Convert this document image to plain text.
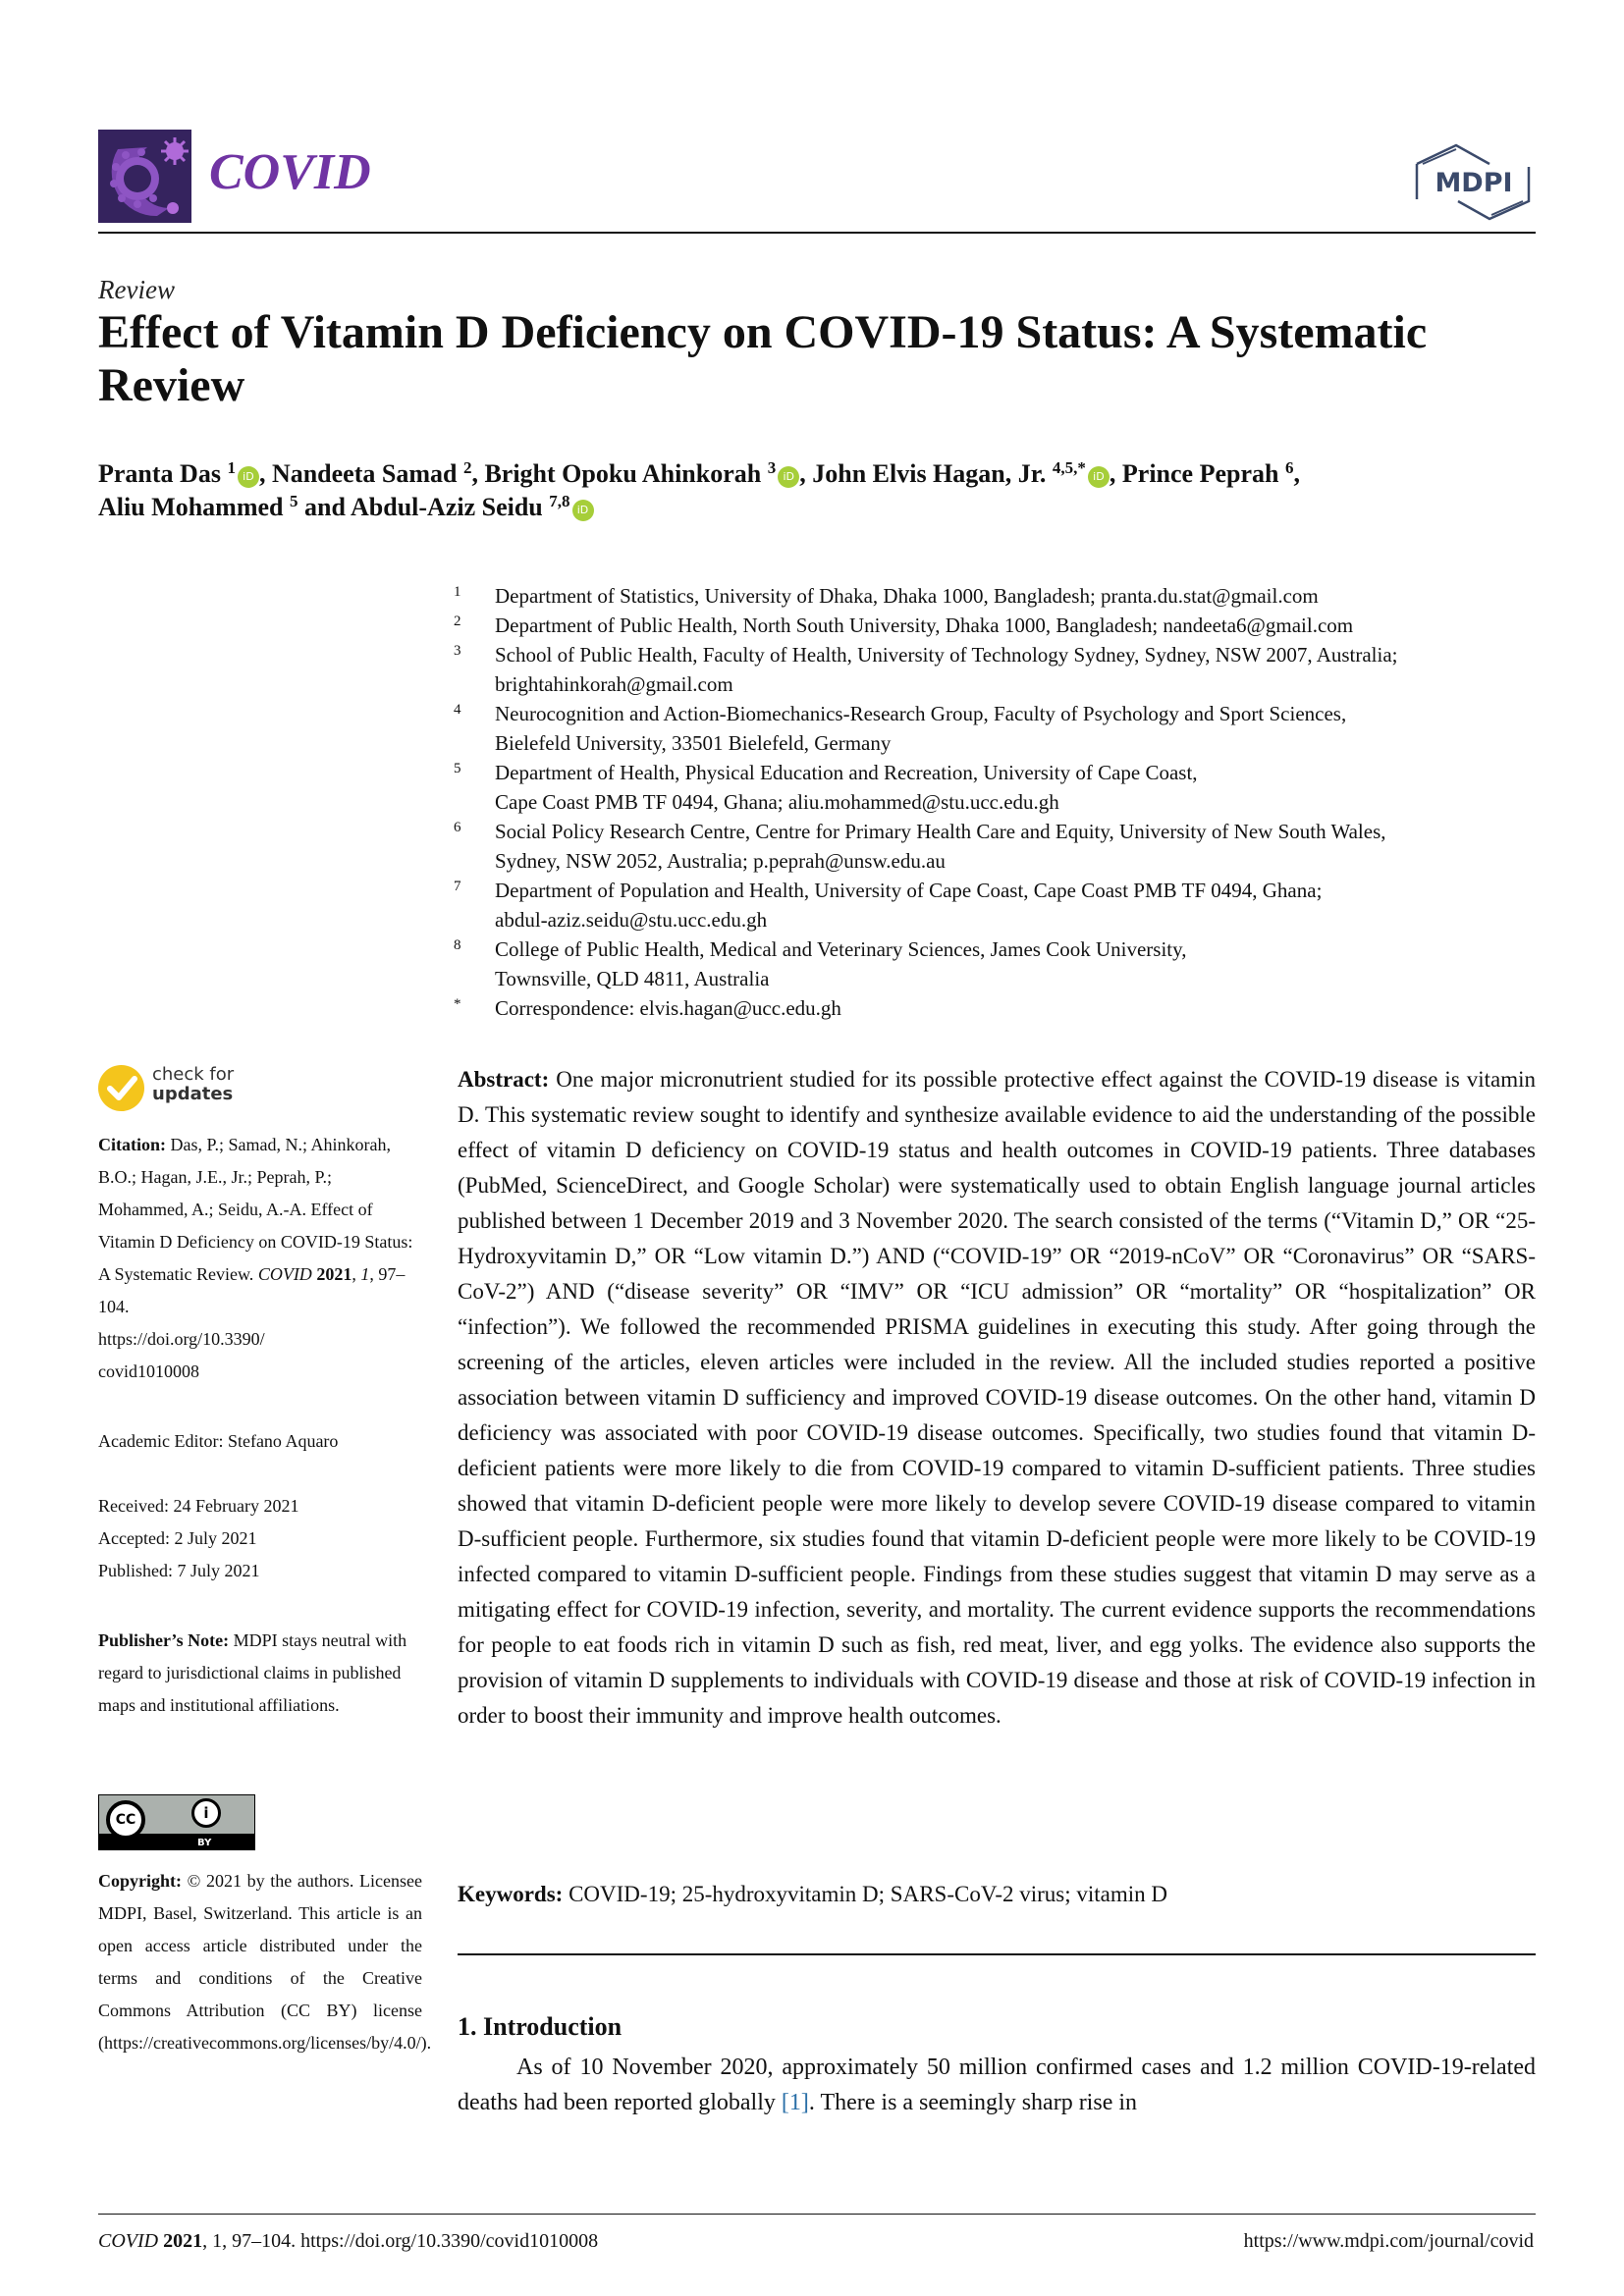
COVID	MDPI
Review
Effect of Vitamin D Deficiency on COVID-19 Status: A Systematic Review
Pranta Das $^1$ iD , Nandeeta Samad $^2$, Bright Opoku Ahinkorah $^3$ iD , John Elvis Hagan, Jr. $^{4,5,*}$ iD , Prince Peprah $^6$,
Aliu Mohammed $^5$ and Abdul-Aziz Seidu $^{7,8}$ iD
1 Department of Statistics, University of Dhaka, Dhaka 1000, Bangladesh; pranta.du.stat@gmail.com
2 Department of Public Health, North South University, Dhaka 1000, Bangladesh; nandeeta6@gmail.com
3 School of Public Health, Faculty of Health, University of Technology Sydney, Sydney, NSW 2007, Australia;
brightahinkorah@gmail.com
4 Neurocognition and Action-Biomechanics-Research Group, Faculty of Psychology and Sport Sciences,
Bielefeld University, 33501 Bielefeld, Germany
5 Department of Health, Physical Education and Recreation, University of Cape Coast,
Cape Coast PMB TF 0494, Ghana; aliu.mohammed@stu.ucc.edu.gh
6 Social Policy Research Centre, Centre for Primary Health Care and Equity, University of New South Wales,
Sydney, NSW 2052, Australia; p.peprah@unsw.edu.au
7 Department of Population and Health, University of Cape Coast, Cape Coast PMB TF 0494, Ghana;
abdul-aziz.seidu@stu.ucc.edu.gh
8 College of Public Health, Medical and Veterinary Sciences, James Cook University,
Townsville, QLD 4811, Australia
* Correspondence: elvis.hagan@ucc.edu.gh
check for
updates
Citation: Das, P.; Samad, N.; Ahinkorah, B.O.; Hagan, J.E., Jr.; Peprah, P.; Mohammed, A.; Seidu, A.-A. Effect of Vitamin D Deficiency on COVID-19 Status: A Systematic Review. COVID 2021, 1, 97–104.
https://doi.org/10.3390/
covid1010008
Academic Editor: Stefano Aquaro
Received: 24 February 2021
Accepted: 2 July 2021
Published: 7 July 2021
Publisher’s Note: MDPI stays neutral with regard to jurisdictional claims in published maps and institutional affiliations.
CC	i
BY
Copyright: © 2021 by the authors. Licensee MDPI, Basel, Switzerland. This article is an open access article distributed under the terms and conditions of the Creative Commons Attribution (CC BY) license (https://creativecommons.org/licenses/by/4.0/).
Abstract: One major micronutrient studied for its possible protective effect against the COVID-19 disease is vitamin D. This systematic review sought to identify and synthesize available evidence to aid the understanding of the possible effect of vitamin D deficiency on COVID-19 status and health outcomes in COVID-19 patients. Three databases (PubMed, ScienceDirect, and Google Scholar) were systematically used to obtain English language journal articles published between 1 December 2019 and 3 November 2020. The search consisted of the terms (“Vitamin D,” OR “25-Hydroxyvitamin D,” OR “Low vitamin D.”) AND (“COVID-19” OR “2019-nCoV” OR “Coronavirus” OR “SARS-CoV-2”) AND (“disease severity” OR “IMV” OR “ICU admission” OR “mortality” OR “hospitalization” OR “infection”). We followed the recommended PRISMA guidelines in executing this study. After going through the screening of the articles, eleven articles were included in the review. All the included studies reported a positive association between vitamin D sufficiency and improved COVID-19 disease outcomes. On the other hand, vitamin D deficiency was associated with poor COVID-19 disease outcomes. Specifically, two studies found that vitamin D-deficient patients were more likely to die from COVID-19 compared to vitamin D-sufficient patients. Three studies showed that vitamin D-deficient people were more likely to develop severe COVID-19 disease compared to vitamin D-sufficient people. Furthermore, six studies found that vitamin D-deficient people were more likely to be COVID-19 infected compared to vitamin D-sufficient people. Findings from these studies suggest that vitamin D may serve as a mitigating effect for COVID-19 infection, severity, and mortality. The current evidence supports the recommendations for people to eat foods rich in vitamin D such as fish, red meat, liver, and egg yolks. The evidence also supports the provision of vitamin D supplements to individuals with COVID-19 disease and those at risk of COVID-19 infection in order to boost their immunity and improve health outcomes.
Keywords: COVID-19; 25-hydroxyvitamin D; SARS-CoV-2 virus; vitamin D
1. Introduction
As of 10 November 2020, approximately 50 million confirmed cases and 1.2 million COVID-19-related deaths had been reported globally [1]. There is a seemingly sharp rise in
COVID 2021, 1, 97–104. https://doi.org/10.3390/covid1010008	https://www.mdpi.com/journal/covid
